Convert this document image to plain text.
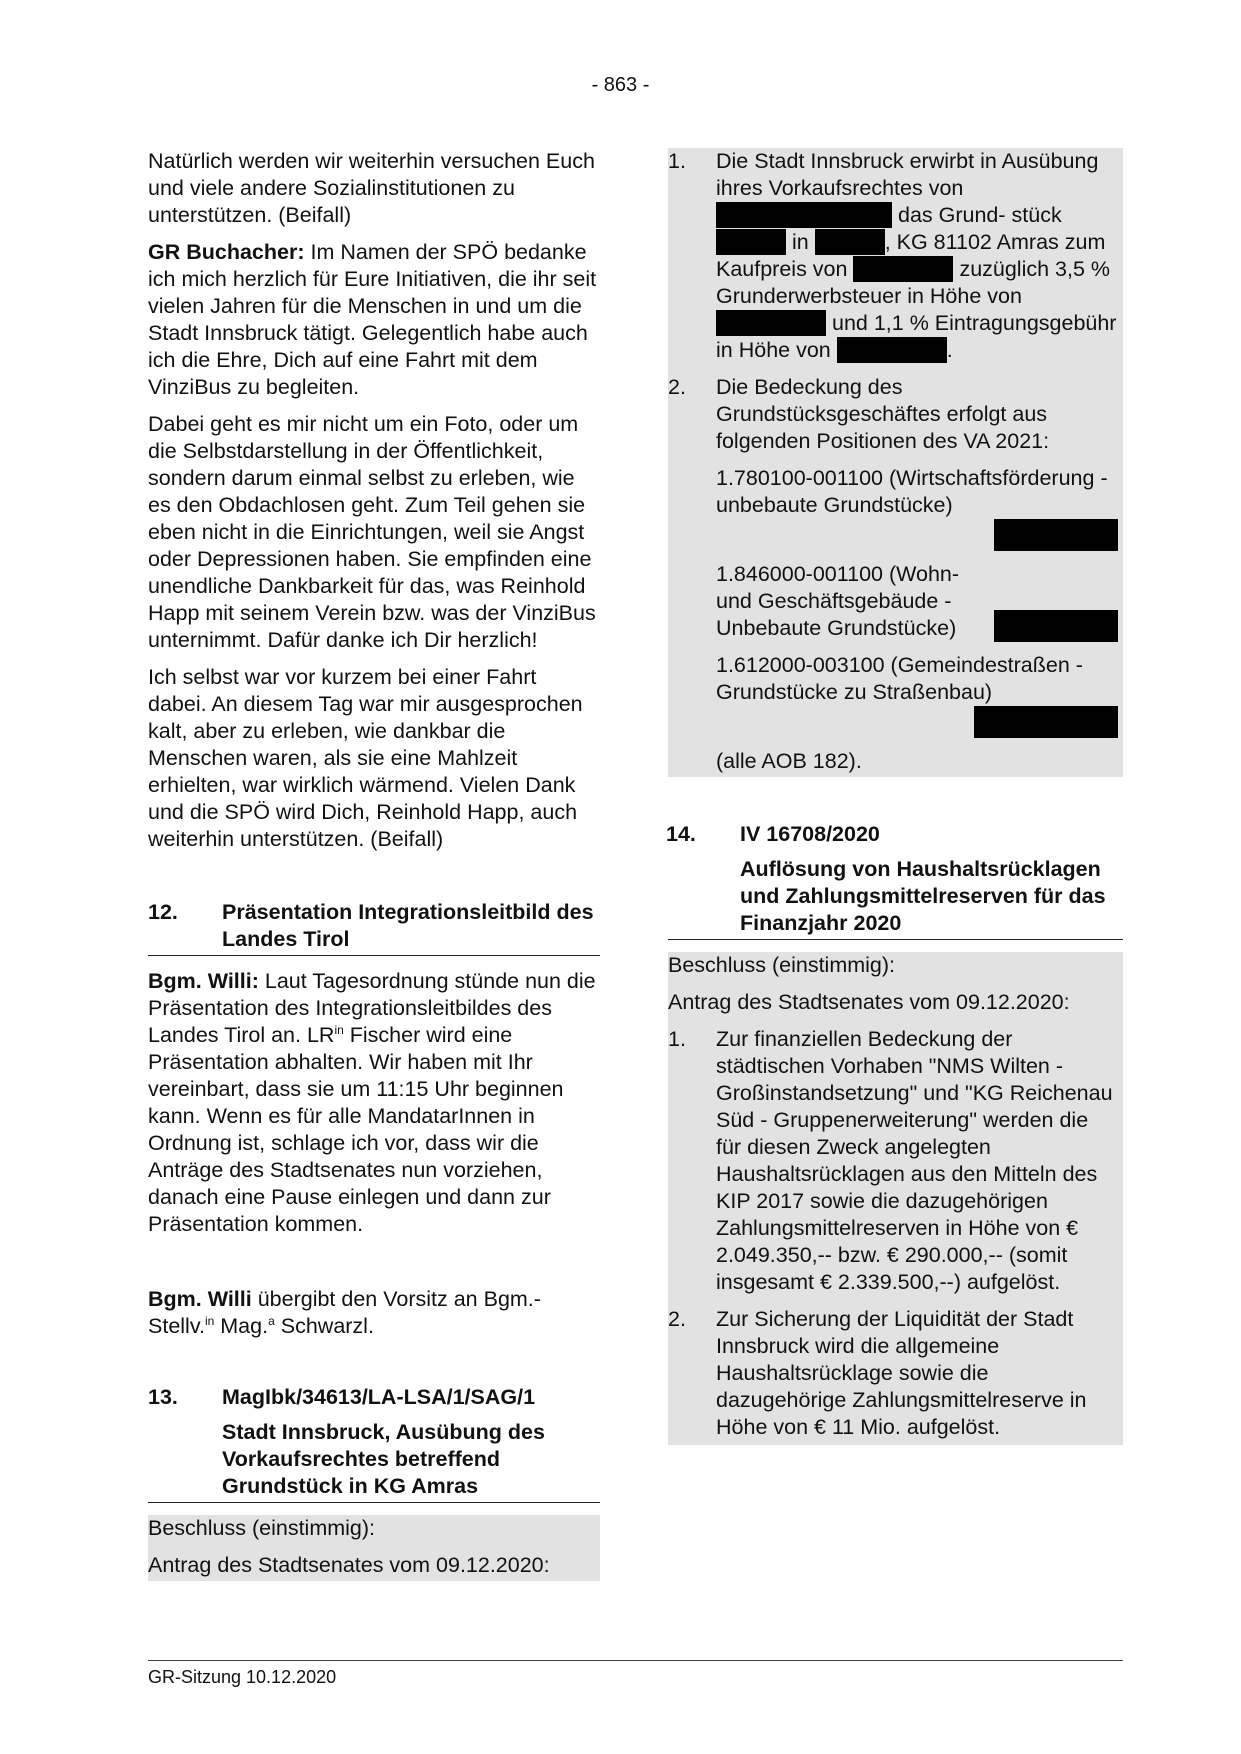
- 863 -

Natürlich werden wir weiterhin versuchen Euch und viele andere Sozialinstitutionen zu unterstützen. (Beifall)

GR Buchacher: Im Namen der SPÖ bedanke ich mich herzlich für Eure Initiativen, die ihr seit vielen Jahren für die Menschen in und um die Stadt Innsbruck tätigt. Gelegentlich habe auch ich die Ehre, Dich auf eine Fahrt mit dem VinziBus zu begleiten.

Dabei geht es mir nicht um ein Foto, oder um die Selbstdarstellung in der Öffentlichkeit, sondern darum einmal selbst zu erleben, wie es den Obdachlosen geht. Zum Teil gehen sie eben nicht in die Einrichtungen, weil sie Angst oder Depressionen haben. Sie empfinden eine unendliche Dankbarkeit für das, was Reinhold Happ mit seinem Verein bzw. was der VinziBus unternimmt. Dafür danke ich Dir herzlich!

Ich selbst war vor kurzem bei einer Fahrt dabei. An diesem Tag war mir ausgesprochen kalt, aber zu erleben, wie dankbar die Menschen waren, als sie eine Mahlzeit erhielten, war wirklich wärmend. Vielen Dank und die SPÖ wird Dich, Reinhold Happ, auch weiterhin unterstützen. (Beifall)

12.	Präsentation Integrationsleitbild des Landes Tirol

Bgm. Willi: Laut Tagesordnung stünde nun die Präsentation des Integrationsleitbildes des Landes Tirol an. $LR^{in}$ Fischer wird eine Präsentation abhalten. Wir haben mit Ihr vereinbart, dass sie um 11:15 Uhr beginnen kann. Wenn es für alle MandatarInnen in Ordnung ist, schlage ich vor, dass wir die Anträge des Stadtsenates nun vorziehen, danach eine Pause einlegen und dann zur Präsentation kommen.

Bgm. Willi übergibt den Vorsitz an Bgm.-Stellv.$^{in}$ Mag.$^a$ Schwarzl.

13.	MagIbk/34613/LA-LSA/1/SAG/1
Stadt Innsbruck, Ausübung des Vorkaufsrechtes betreffend Grundstück in KG Amras
Beschluss (einstimmig):
Antrag des Stadtsenates vom 09.12.2020:
1.	Die Stadt Innsbruck erwirbt in Ausübung ihres Vorkaufsrechtes von  das Grund- stück  in	, KG 81102 Amras zum Kaufpreis von	zuzüglich 3,5 % Grunderwerbsteuer in Höhe von  und 1,1 % Eintragungsgebühr in Höhe von	.
2.	Die Bedeckung des Grundstücksgeschäftes erfolgt aus folgenden Positionen des VA 2021:
1.780100-001100 (Wirtschaftsförderung - unbebaute Grundstücke)
1.846000-001100 (Wohn- und Geschäftsgebäude - Unbebaute Grundstücke)
1.612000-003100 (Gemeindestraßen - Grundstücke zu Straßenbau)
(alle AOB 182).
14.	IV 16708/2020
Auflösung von Haushaltsrücklagen und Zahlungsmittelreserven für das Finanzjahr 2020
Beschluss (einstimmig):
Antrag des Stadtsenates vom 09.12.2020:
1.	Zur finanziellen Bedeckung der städtischen Vorhaben "NMS Wilten - Großinstandsetzung" und "KG Reichenau Süd - Gruppenerweiterung" werden die für diesen Zweck angelegten Haushaltsrücklagen aus den Mitteln des KIP 2017 sowie die dazugehörigen Zahlungsmittelreserven in Höhe von € 2.049.350,-- bzw. € 290.000,-- (somit insgesamt € 2.339.500,--) aufgelöst.
2.	Zur Sicherung der Liquidität der Stadt Innsbruck wird die allgemeine Haushaltsrücklage sowie die dazugehörige Zahlungsmittelreserve in Höhe von € 11 Mio. aufgelöst.
GR-Sitzung 10.12.2020
